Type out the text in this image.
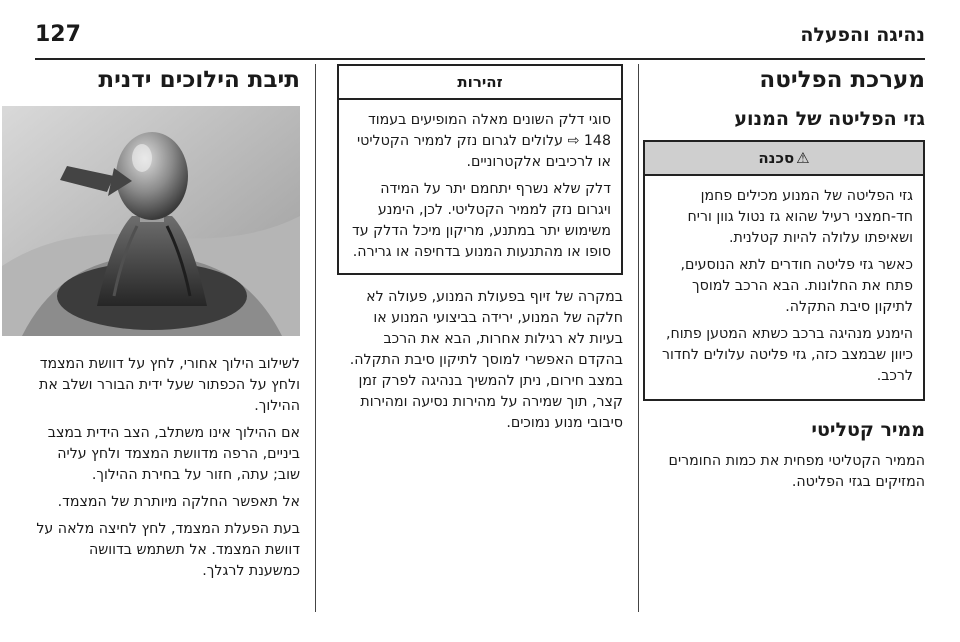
127	נהיגה והפעלה
מערכת הפליטה
גזי הפליטה של המנוע
⚠סכנה

גזי הפליטה של המנוע מכילים פחמן חד-חמצני רעיל שהוא גז נטול גוון וריח ושאיפתו עלולה להיות קטלנית.

כאשר גזי פליטה חודרים לתא הנוסעים, פתח את החלונות. הבא הרכב למוסך לתיקון סיבת התקלה.

הימנע מנהיגה ברכב כשתא המטען פתוח, כיוון שבמצב כזה, גזי פליטה עלולים לחדור לרכב.

ממיר קטליטי

הממיר הקטליטי מפחית את כמות החומרים המזיקים בגזי הפליטה.

זהירות

סוגי דלק השונים מאלה המופיעים בעמוד 148 ⇨ עלולים לגרום נזק לממיר הקטליטי או לרכיבים אלקטרוניים.

דלק שלא נשרף יתחמם יתר על המידה ויגרום נזק לממיר הקטליטי. לכן, הימנע משימוש יתר במתנע, מריקון מיכל הדלק עד סופו או מהתנעות המנוע בדחיפה או גרירה.

במקרה של זיוף בפעולת המנוע, פעולה לא חלקה של המנוע, ירידה בביצועי המנוע או בעיות לא רגילות אחרות, הבא את הרכב בהקדם האפשרי למוסך לתיקון סיבת התקלה. במצב חירום, ניתן להמשיך בנהיגה לפרק זמן קצר, תוך שמירה על מהירות נסיעה ומהירות סיבובי מנוע נמוכים.

תיבת הילוכים ידנית

לשילוב הילוך אחורי, לחץ על דוושת המצמד ולחץ על הכפתור שעל ידית הבורר ושלב את ההילוך.

אם ההילוך אינו משתלב, הצב הידית במצב ביניים, הרפה מדוושת המצמד ולחץ עליה שוב; עתה, חזור על בחירת ההילוך.

אל תאפשר החלקה מיותרת של המצמד.

בעת הפעלת המצמד, לחץ לחיצה מלאה על דוושת המצמד. אל תשתמש בדוושה כמשענת לרגלך.
